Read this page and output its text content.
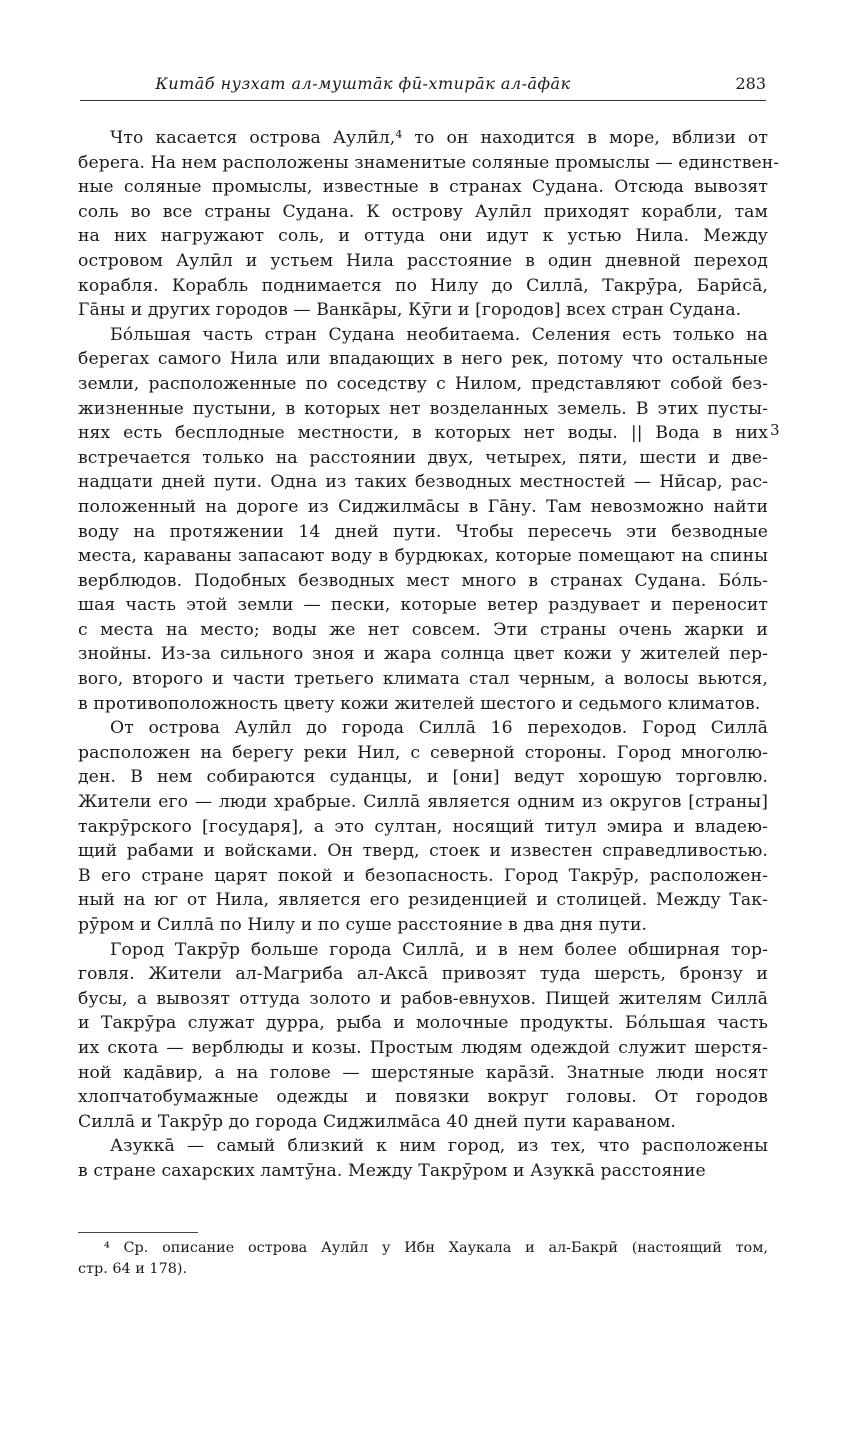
Китāб нузхат ал-муштāк фӣ-хтирāк ал-āфāк	283
Что касается острова Аулӣл,⁴ то он находится в море, вблизи от
берега. На нем расположены знаменитые соляные промыслы — единствен-
ные соляные промыслы, известные в странах Судана. Отсюда вывозят
соль во все страны Судана. К острову Аулӣл приходят корабли, там
на них нагружают соль, и оттуда они идут к устью Нила. Между
островом Аулӣл и устьем Нила расстояние в один дневной переход
корабля. Корабль поднимается по Нилу до Силлā, Такрӯра, Барӣсā,
Гāны и других городов — Ванкāры, Кӯги и [городов] всех стран Судана.
Бо́льшая часть стран Судана необитаема. Селения есть только на
берегах самого Нила или впадающих в него рек, потому что остальные
земли, расположенные по соседству с Нилом, представляют собой без-
жизненные пустыни, в которых нет возделанных земель. В этих пусты-
нях есть бесплодные местности, в которых нет воды. || Вода в них
встречается только на расстоянии двух, четырех, пяти, шести и две-
надцати дней пути. Одна из таких безводных местностей — Нӣсар, рас-
положенный на дороге из Сиджилмāсы в Гāну. Там невозможно найти
воду на протяжении 14 дней пути. Чтобы пересечь эти безводные
места, караваны запасают воду в бурдюках, которые помещают на спины
верблюдов. Подобных безводных мест много в странах Судана. Бо́ль-
шая часть этой земли — пески, которые ветер раздувает и переносит
с места на место; воды же нет совсем. Эти страны очень жарки и
знойны. Из-за сильного зноя и жара солнца цвет кожи у жителей пер-
вого, второго и части третьего климата стал черным, а волосы вьются,
в противоположность цвету кожи жителей шестого и седьмого климатов.
От острова Аулӣл до города Силлā 16 переходов. Город Силлā
расположен на берегу реки Нил, с северной стороны. Город многолю-
ден. В нем собираются суданцы, и [они] ведут хорошую торговлю.
Жители его — люди храбрые. Силлā является одним из округов [страны]
такрӯрского [государя], а это султан, носящий титул эмира и владею-
щий рабами и войсками. Он тверд, стоек и известен справедливостью.
В его стране царят покой и безопасность. Город Такрӯр, расположен-
ный на юг от Нила, является его резиденцией и столицей. Между Так-
рӯром и Силлā по Нилу и по суше расстояние в два дня пути.
Город Такрӯр больше города Силлā, и в нем более обширная тор-
говля. Жители ал-Магриба ал-Аксā привозят туда шерсть, бронзу и
бусы, а вывозят оттуда золото и рабов-евнухов. Пищей жителям Силлā
и Такрӯра служат дурра, рыба и молочные продукты. Бо́льшая часть
их скота — верблюды и козы. Простым людям одеждой служит шерстя-
ной кадāвир, а на голове — шерстяные карāзӣ. Знатные люди носят
хлопчатобумажные одежды и повязки вокруг головы. От городов
Силлā и Такрӯр до города Сиджилмāса 40 дней пути караваном.
Азуккā — самый близкий к ним город, из тех, что расположены
в стране сахарских ламтӯна. Между Такрӯром и Азуккā расстояние
3
⁴ Ср. описание острова Аулӣл у Ибн Хаукала и ал-Бакрӣ (настоящий том,
стр. 64 и 178).
